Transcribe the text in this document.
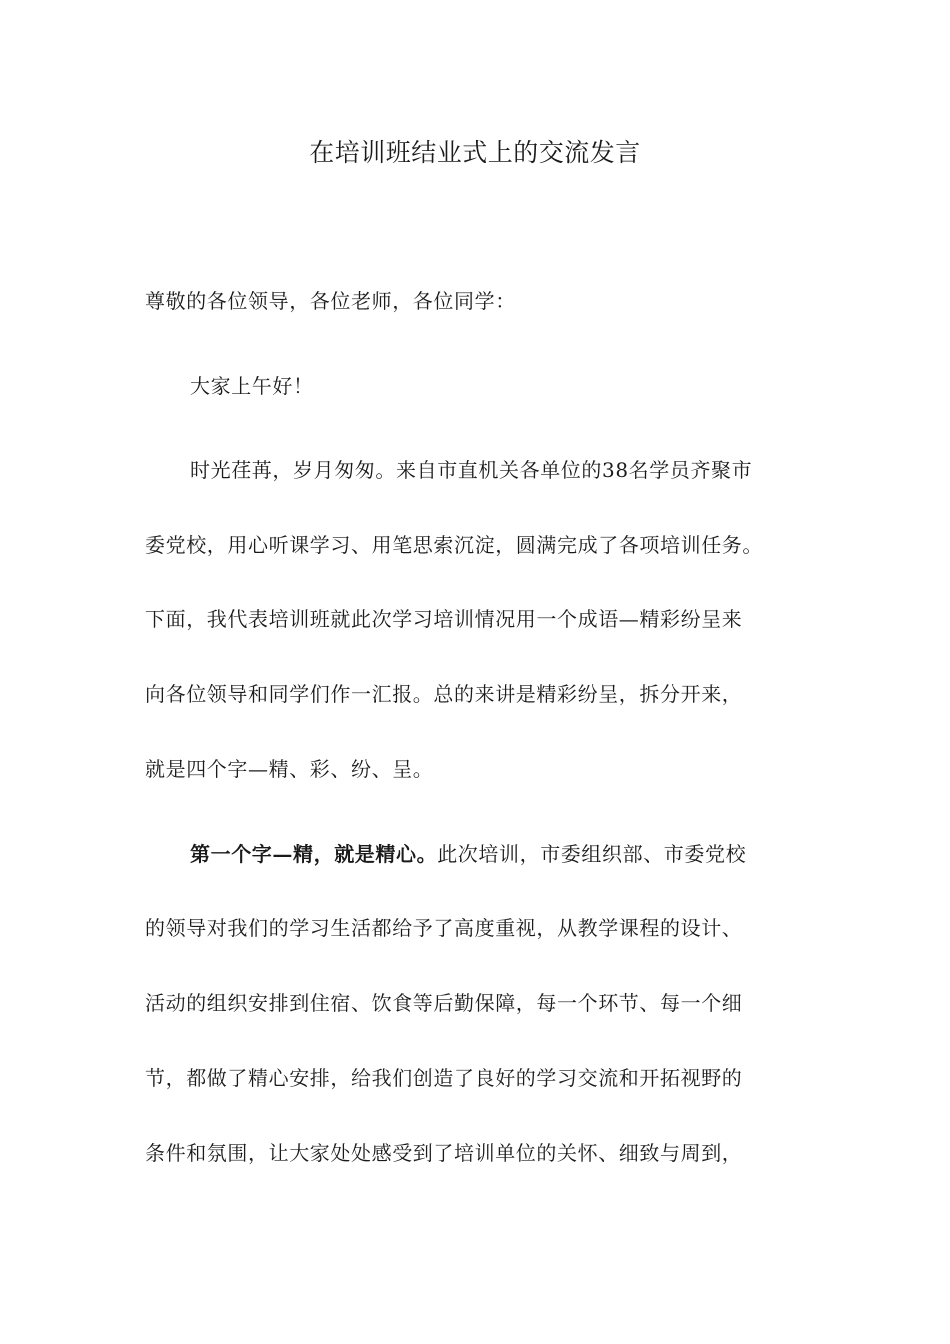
在培训班结业式上的交流发言

尊敬的各位领导，各位老师，各位同学：

大家上午好！

时光荏苒，岁月匆匆。来自市直机关各单位的38名学员齐聚市

委党校，用心听课学习、用笔思索沉淀，圆满完成了各项培训任务。

下面，我代表培训班就此次学习培训情况用一个成语—精彩纷呈来

向各位领导和同学们作一汇报。总的来讲是精彩纷呈，拆分开来，

就是四个字—精、彩、纷、呈。

第一个字—精，就是精心。此次培训，市委组织部、市委党校

的领导对我们的学习生活都给予了高度重视，从教学课程的设计、

活动的组织安排到住宿、饮食等后勤保障，每一个环节、每一个细

节，都做了精心安排，给我们创造了良好的学习交流和开拓视野的

条件和氛围，让大家处处感受到了培训单位的关怀、细致与周到，
